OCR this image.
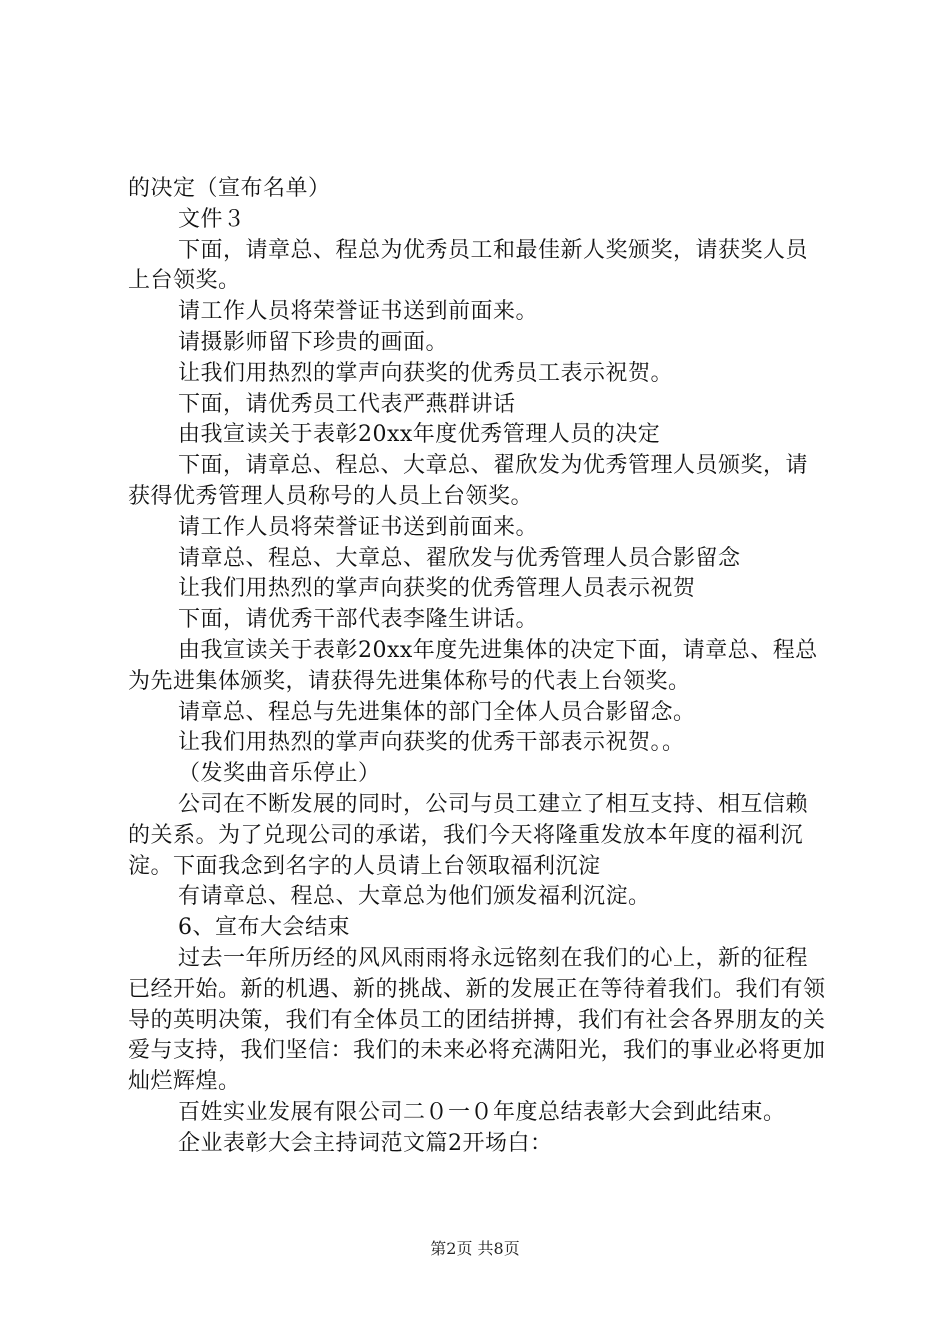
的决定（宣布名单）

文件３

下面，请章总、程总为优秀员工和最佳新人奖颁奖，请获奖人员上台领奖。

请工作人员将荣誉证书送到前面来。

请摄影师留下珍贵的画面。

让我们用热烈的掌声向获奖的优秀员工表示祝贺。

下面，请优秀员工代表严燕群讲话

由我宣读关于表彰20xx年度优秀管理人员的决定

下面，请章总、程总、大章总、翟欣发为优秀管理人员颁奖，请获得优秀管理人员称号的人员上台领奖。

请工作人员将荣誉证书送到前面来。

请章总、程总、大章总、翟欣发与优秀管理人员合影留念

让我们用热烈的掌声向获奖的优秀管理人员表示祝贺

下面，请优秀干部代表李隆生讲话。

由我宣读关于表彰20xx年度先进集体的决定下面，请章总、程总为先进集体颁奖，请获得先进集体称号的代表上台领奖。

请章总、程总与先进集体的部门全体人员合影留念。

让我们用热烈的掌声向获奖的优秀干部表示祝贺。。

（发奖曲音乐停止）

公司在不断发展的同时，公司与员工建立了相互支持、相互信赖的关系。为了兑现公司的承诺，我们今天将隆重发放本年度的福利沉淀。下面我念到名字的人员请上台领取福利沉淀

有请章总、程总、大章总为他们颁发福利沉淀。

6、宣布大会结束

过去一年所历经的风风雨雨将永远铭刻在我们的心上，新的征程已经开始。新的机遇、新的挑战、新的发展正在等待着我们。我们有领导的英明决策，我们有全体员工的团结拼搏，我们有社会各界朋友的关爱与支持，我们坚信：我们的未来必将充满阳光，我们的事业必将更加灿烂辉煌。

百姓实业发展有限公司二０一０年度总结表彰大会到此结束。

企业表彰大会主持词范文篇2开场白：

第2页 共8页
